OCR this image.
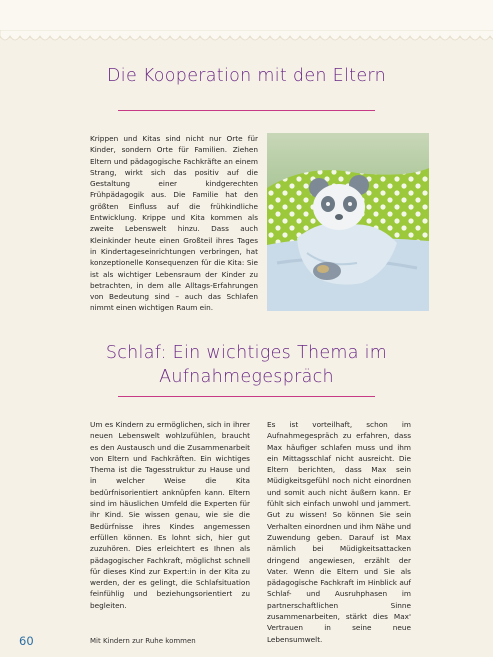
Die Kooperation mit den Eltern

Krippen und Kitas sind nicht nur Orte für Kinder, sondern Orte für Familien. Ziehen Eltern und pädagogische Fachkräfte an einem Strang, wirkt sich das positiv auf die Gestaltung einer kindgerechten Frühpädagogik aus. Die Familie hat den größten Einfluss auf die frühkindliche Entwicklung. Krippe und Kita kommen als zweite Lebenswelt hinzu. Dass auch Kleinkinder heute einen Großteil ihres Tages in Kindertageseinrichtungen verbringen, hat konzeptionelle Konsequenzen für die Kita: Sie ist als wichtiger Lebensraum der Kinder zu betrachten, in dem alle Alltags-Erfahrungen von Bedeutung sind – auch das Schlafen nimmt einen wichtigen Raum ein.

Schlaf: Ein wichtiges Thema im
Aufnahmegespräch

Um es Kindern zu ermöglichen, sich in ihrer neuen Lebenswelt wohlzufühlen, braucht es den Austausch und die Zusammenarbeit von Eltern und Fachkräften. Ein wichtiges Thema ist die Tagesstruktur zu Hause und in welcher Weise die Kita bedürfnisorientiert anknüpfen kann. Eltern sind im häuslichen Umfeld die Experten für ihr Kind. Sie wissen genau, wie sie die Bedürfnisse ihres Kindes angemessen erfüllen können. Es lohnt sich, hier gut zuzuhören. Dies erleichtert es Ihnen als pädagogischer Fachkraft, möglichst schnell für dieses Kind zur Expert:in in der Kita zu werden, der es gelingt, die Schlafsituation feinfühlig und beziehungsorientiert zu begleiten.

Es ist vorteilhaft, schon im Aufnahmegespräch zu erfahren, dass Max häufiger schlafen muss und ihm ein Mittagsschlaf nicht ausreicht. Die Eltern berichten, dass Max sein Müdigkeitsgefühl noch nicht einordnen und somit auch nicht äußern kann. Er fühlt sich einfach unwohl und jammert. Gut zu wissen! So können Sie sein Verhalten einordnen und ihm Nähe und Zuwendung geben. Darauf ist Max nämlich bei Müdigkeitsattacken dringend angewiesen, erzählt der Vater. Wenn die Eltern und Sie als pädagogische Fachkraft im Hinblick auf Schlaf- und Ausruhphasen im partnerschaftlichen Sinne zusammenarbeiten, stärkt dies Max' Vertrauen in seine neue Lebensumwelt.

60	Mit Kindern zur Ruhe kommen
